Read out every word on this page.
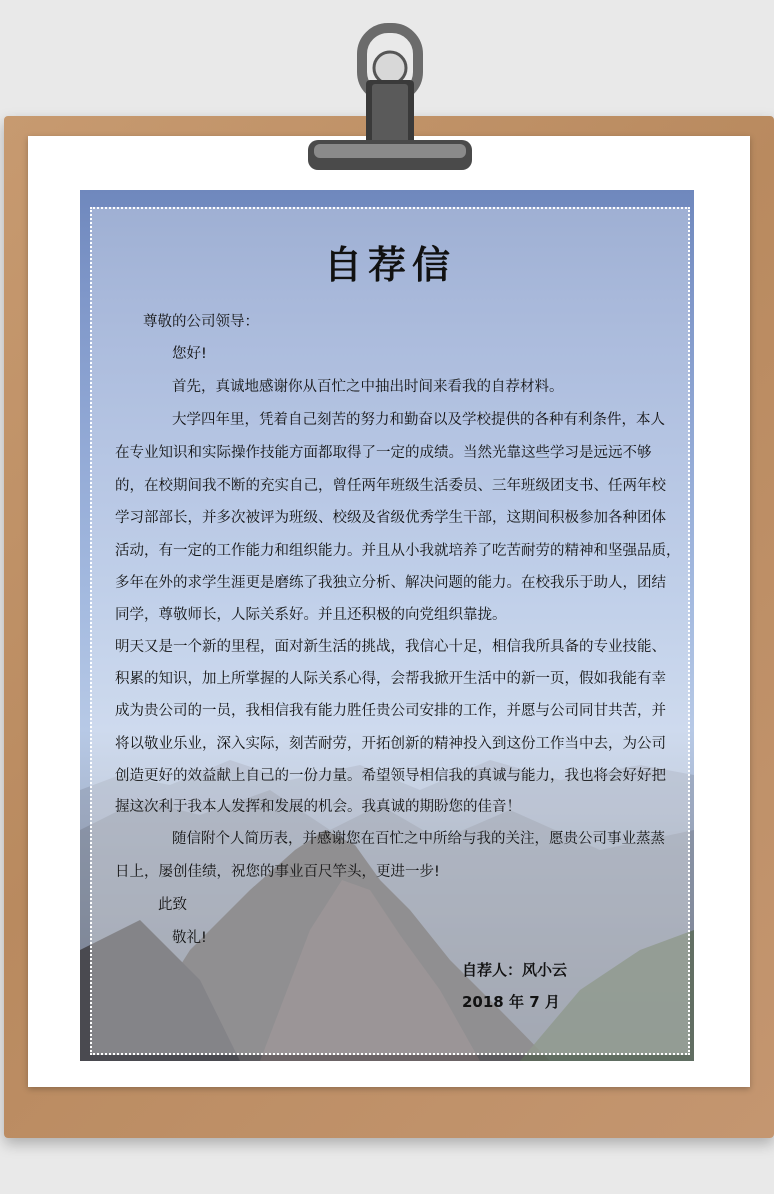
自荐信
尊敬的公司领导：
您好!
首先，真诚地感谢你从百忙之中抽出时间来看我的自荐材料。
大学四年里，凭着自己刻苦的努力和勤奋以及学校提供的各种有利条件，本人
在专业知识和实际操作技能方面都取得了一定的成绩。当然光靠这些学习是远远不够
的，在校期间我不断的充实自己，曾任两年班级生活委员、三年班级团支书、任两年校
学习部部长，并多次被评为班级、校级及省级优秀学生干部，这期间积极参加各种团体
活动，有一定的工作能力和组织能力。并且从小我就培养了吃苦耐劳的精神和坚强品质，
多年在外的求学生涯更是磨练了我独立分析、解决问题的能力。在校我乐于助人，团结
同学，尊敬师长，人际关系好。并且还积极的向党组织靠拢。
明天又是一个新的里程，面对新生活的挑战，我信心十足，相信我所具备的专业技能、
积累的知识，加上所掌握的人际关系心得，会帮我掀开生活中的新一页，假如我能有幸
成为贵公司的一员，我相信我有能力胜任贵公司安排的工作，并愿与公司同甘共苦，并
将以敬业乐业，深入实际，刻苦耐劳，开拓创新的精神投入到这份工作当中去，为公司
创造更好的效益献上自己的一份力量。希望领导相信我的真诚与能力，我也将会好好把
握这次利于我本人发挥和发展的机会。我真诚的期盼您的佳音！
随信附个人简历表，并感谢您在百忙之中所给与我的关注，愿贵公司事业蒸蒸
日上，屡创佳绩，祝您的事业百尺竿头，更进一步!
此致
敬礼!
自荐人：风小云
2018 年 7 月
